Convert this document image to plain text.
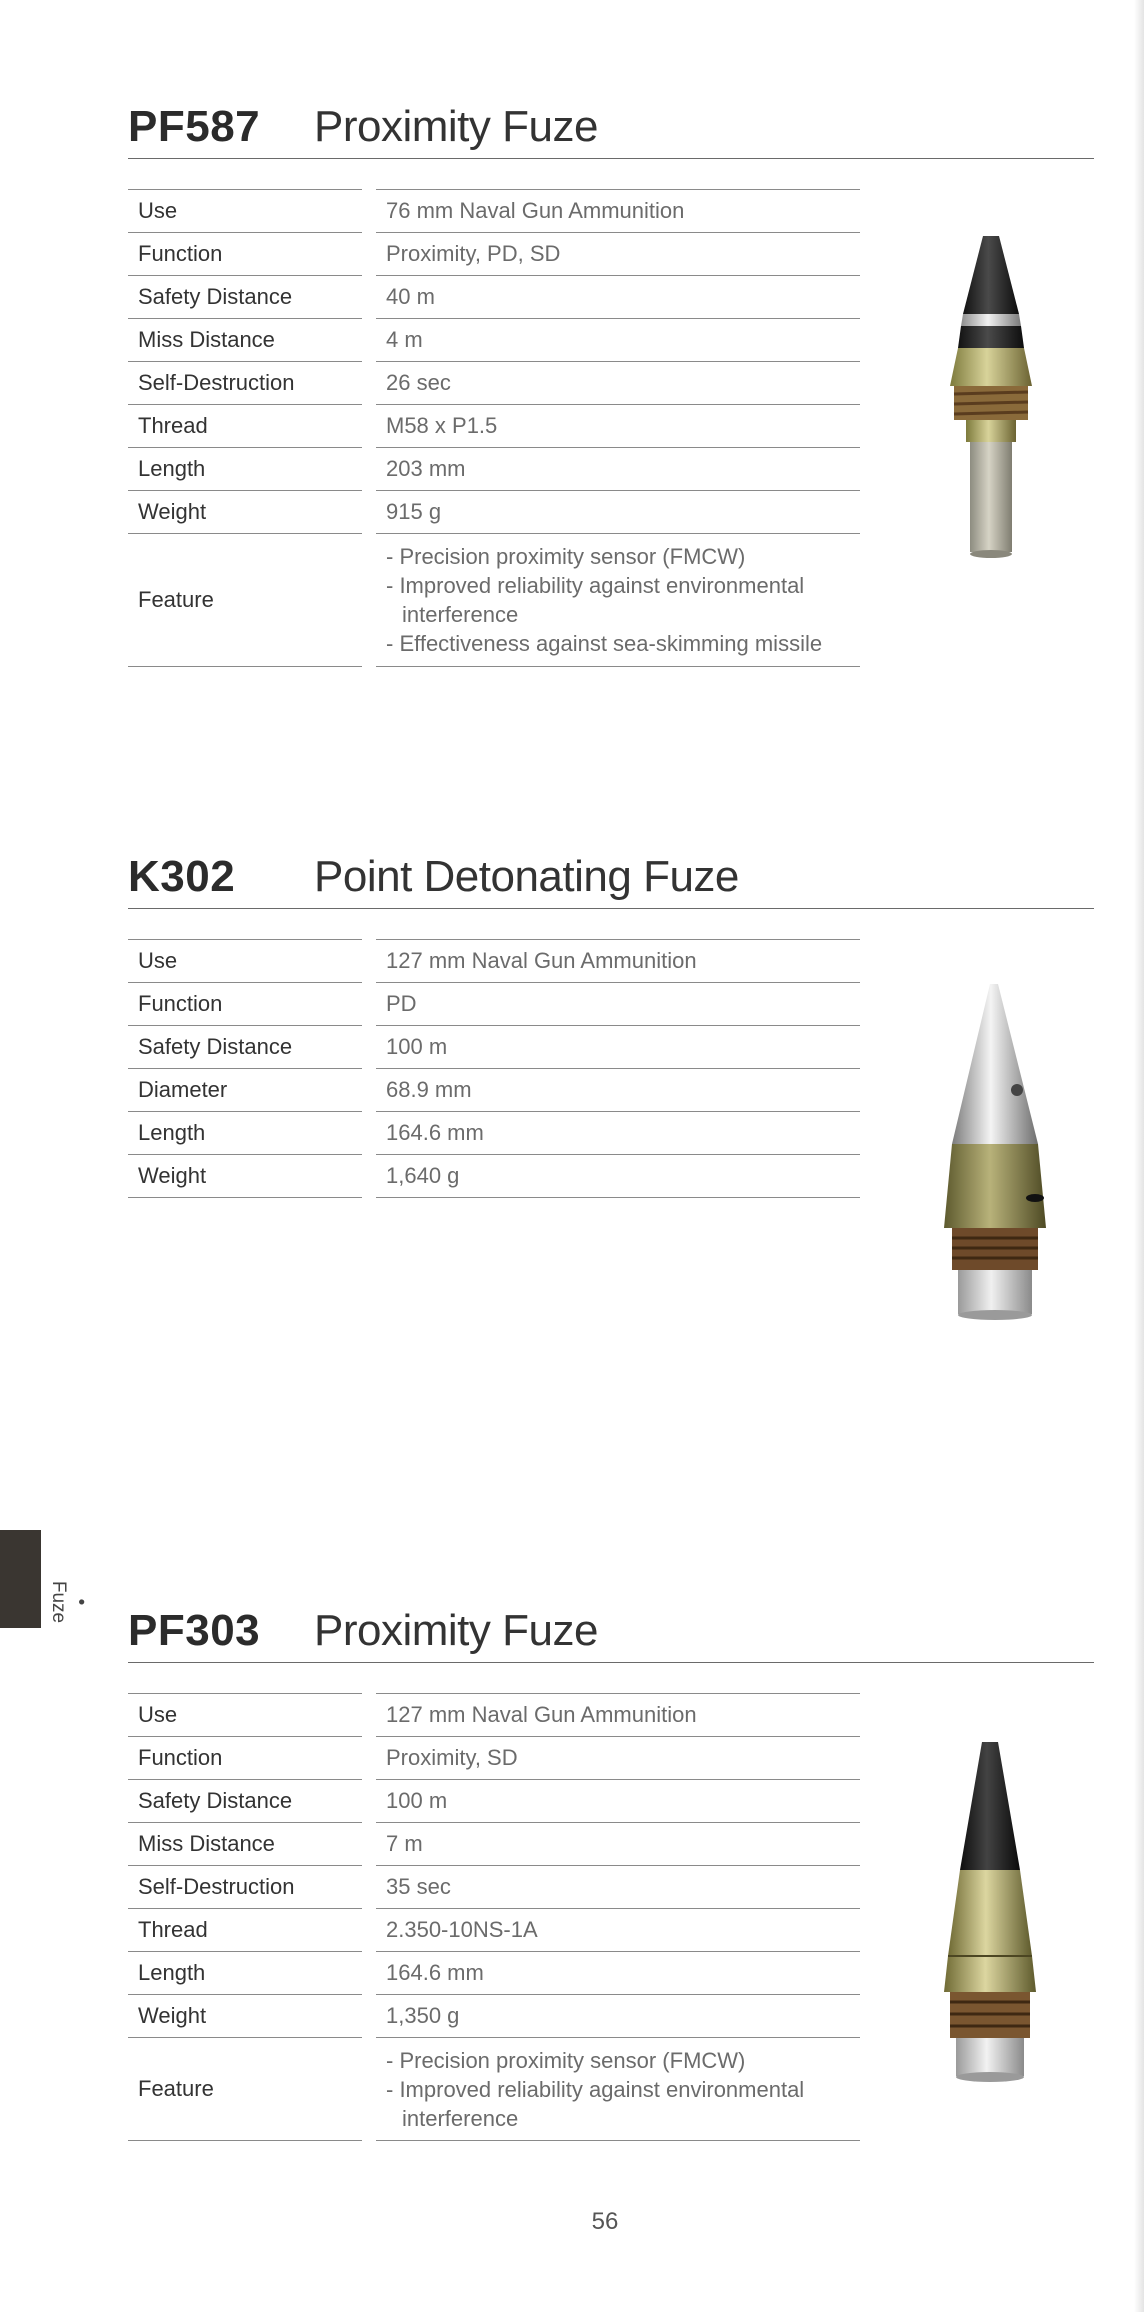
PF587 Proximity Fuze
Use		76 mm Naval Gun Ammunition
Function		Proximity, PD, SD
Safety Distance		40 m
Miss Distance		4 m
Self-Destruction		26 sec
Thread		M58 x P1.5
Length		203 mm
Weight		915 g
Feature		- Precision proximity sensor (FMCW)
- Improved reliability against environmental
interference
- Effectiveness against sea-skimming missile
K302 Point Detonating Fuze
Use		127 mm Naval Gun Ammunition
Function		PD
Safety Distance		100 m
Diameter		68.9 mm
Length		164.6 mm
Weight		1,640 g
PF303 Proximity Fuze
Use		127 mm Naval Gun Ammunition
Function		Proximity, SD
Safety Distance		100 m
Miss Distance		7 m
Self-Destruction		35 sec
Thread		2.350-10NS-1A
Length		164.6 mm
Weight		1,350 g
Feature		- Precision proximity sensor (FMCW)
- Improved reliability against environmental
interference
• Fuze
56
